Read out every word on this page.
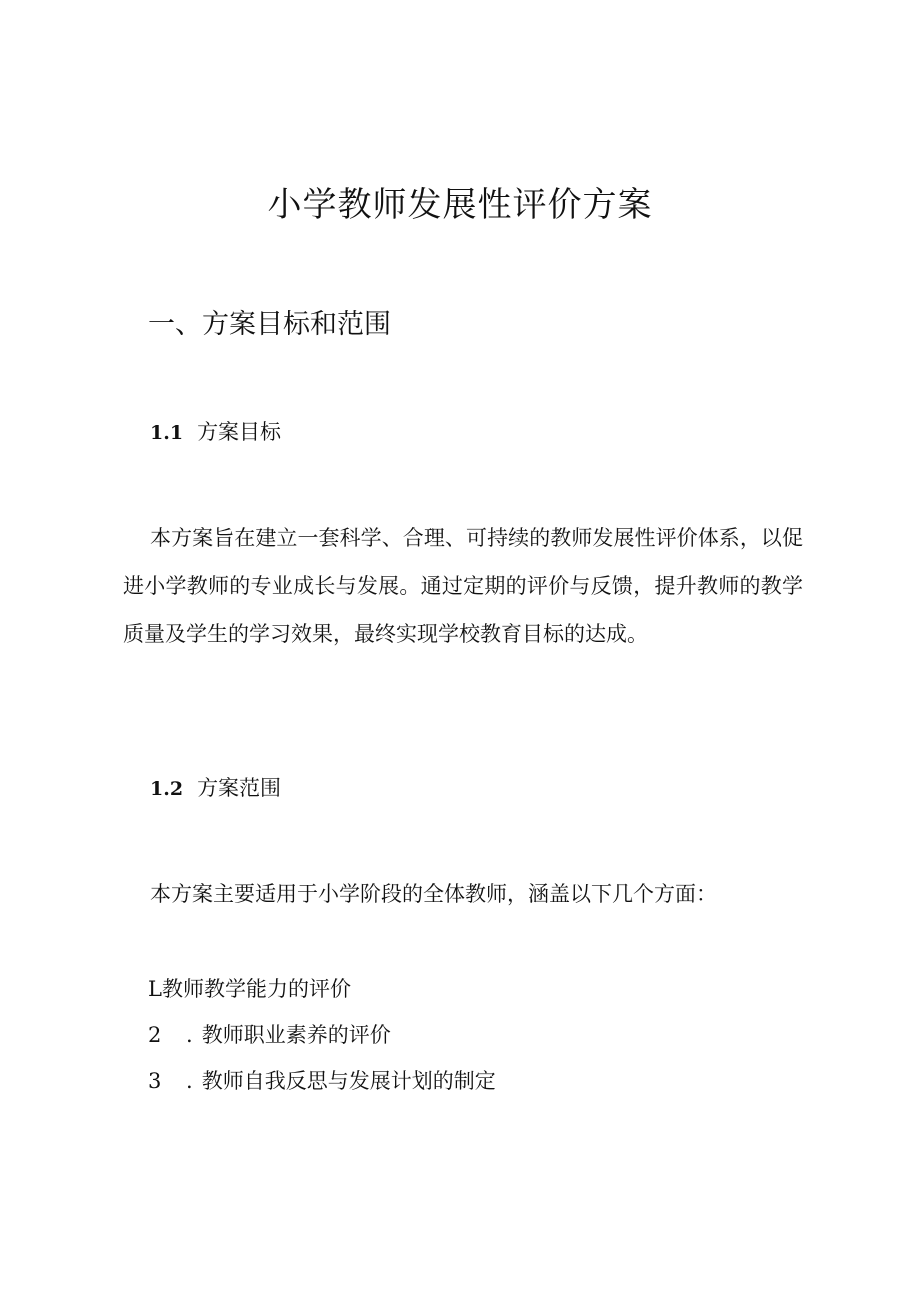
小学教师发展性评价方案
一、方案目标和范围
1.1 方案目标

本方案旨在建立一套科学、合理、可持续的教师发展性评价体系，以促进小学教师的专业成长与发展。通过定期的评价与反馈，提升教师的教学质量及学生的学习效果，最终实现学校教育目标的达成。

1.2 方案范围

本方案主要适用于小学阶段的全体教师，涵盖以下几个方面：

L教师教学能力的评价
2 .教师职业素养的评价
3 .教师自我反思与发展计划的制定
